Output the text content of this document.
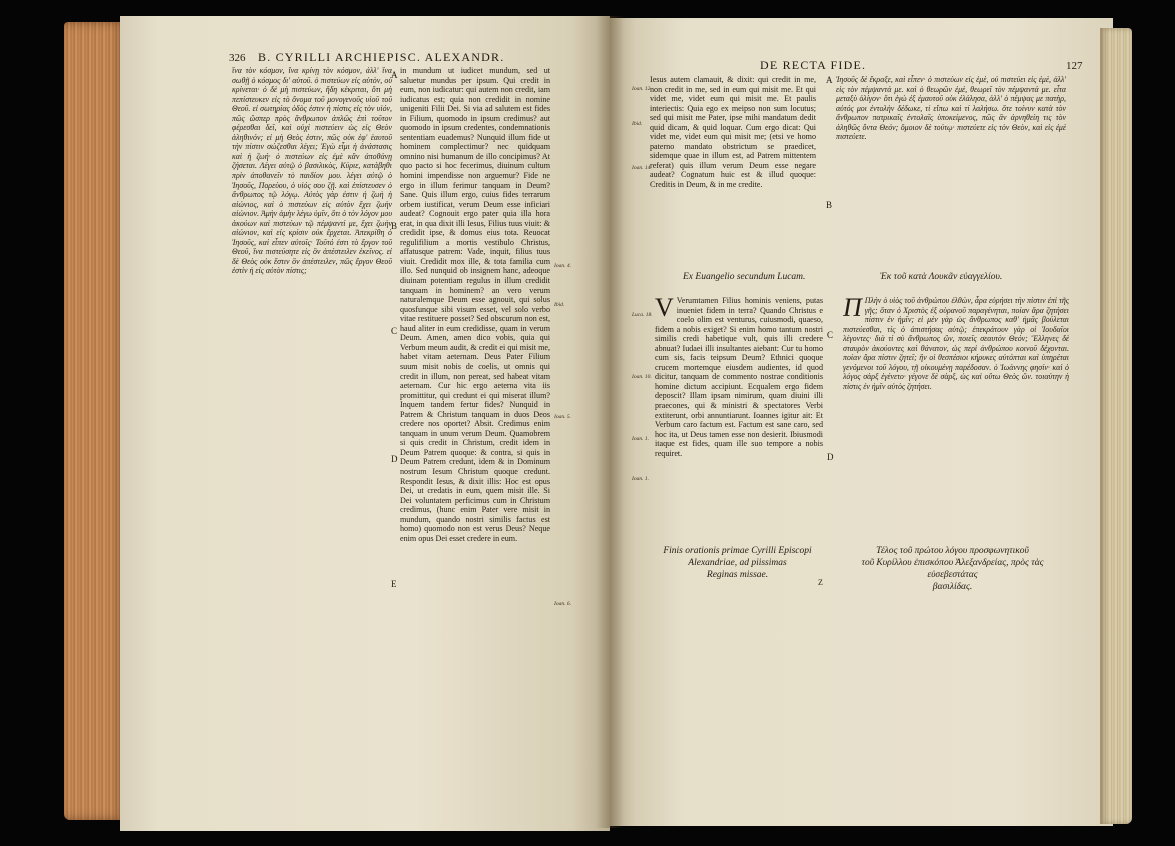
326 B. CYRILLI ARCHIEPISC. ALEXANDR.
ἵνα τὸν κόσμον, ἵνα κρίνῃ τὸν κόσμον, ἀλλ' ἵνα σωθῇ ὁ κόσμος δι' αὐτοῦ. ὁ πιστεύων εἰς αὐτὸν, οὐ κρίνεται· ὁ δὲ μὴ πιστεύων, ἤδη κέκριται, ὅτι μὴ πεπίστευκεν εἰς τὸ ὄνομα τοῦ μονογενοῦς υἱοῦ τοῦ Θεοῦ. εἰ σωτηρίας ὁδὸς ἐστιν ἡ πίστις εἰς τὸν υἱόν, πῶς ὥσπερ πρὸς ἄνθρωπον ἁπλῶς ἐπὶ τοῦτον φέρεσθαι δεῖ, καὶ οὐχὶ πιστεύειν ὡς εἰς Θεὸν ἀληθινόν; εἰ μὴ Θεὸς ἐστιν, πῶς οὐκ ἐφ' ἑαυτοῦ τὴν πίστιν σώζεσθαι λέγει; Ἐγὼ εἶμι ἡ ἀνάστασις καὶ ἡ ζωή· ὁ πιστεύων εἰς ἐμὲ κἂν ἀποθάνῃ ζήσεται. Λέγει αὐτῷ ὁ βασιλικὸς, Κύριε, κατάβηθι πρὶν ἀποθανεῖν τὸ παιδίον μου. λέγει αὐτῷ ὁ Ἰησοῦς, Πορεύου, ὁ υἱός σου ζῇ. καὶ ἐπίστευσεν ὁ ἄνθρωπος τῷ λόγῳ. Αὐτὸς γὰρ ἐστιν ἡ ζωὴ ἡ αἰώνιος, καὶ ὁ πιστεύων εἰς αὐτὸν ἔχει ζωὴν αἰώνιον. Ἀμὴν ἀμὴν λέγω ὑμῖν, ὅτι ὁ τὸν λόγον μου ἀκούων καὶ πιστεύων τῷ πέμψαντί με, ἔχει ζωὴν αἰώνιον, καὶ εἰς κρίσιν οὐκ ἔρχεται. Ἀπεκρίθη ὁ Ἰησοῦς, καὶ εἶπεν αὐτοῖς· Τοῦτό ἐστι τὸ ἔργον τοῦ Θεοῦ, ἵνα πιστεύσητε εἰς ὃν ἀπέστειλεν ἐκεῖνος. εἰ δὲ Θεὸς οὐκ ἔστιν ὃν ἀπέστειλεν, πῶς ἔργον Θεοῦ ἐστὶν ἡ εἰς αὐτὸν πίστις;
in mundum ut iudicet mundum, sed ut saluetur mundus per ipsum. Qui credit in eum, non iudicatur: qui autem non credit, iam iudicatus est; quia non credidit in nomine unigeniti Filii Dei. Si via ad salutem est fides in Filium, quomodo in ipsum credimus? aut quomodo in ipsum credentes, condemnationis sententiam euademus? Nunquid illum fide ut hominem complectimur? nec quidquam omnino nisi humanum de illo concipimus? At quo pacto si hoc fecerimus, diuinum cultum homini impendisse non arguemur? Fide ne ergo in illum ferimur tanquam in Deum? Sane. Quis illum ergo, cuius fides terrarum orbem iustificat, verum Deum esse inficiari audeat? Cognouit ergo pater quia illa hora erat, in qua dixit illi Iesus, Filius tuus viuit: & credidit ipse, & domus eius tota. Reuocat regulifilium a mortis vestibulo Christus, affatusque patrem: Vade, inquit, filius tuus viuit. Credidit mox ille, & tota familia cum illo. Sed nunquid ob insignem hanc, adeoque diuinam potentiam regulus in illum credidit tanquam in hominem? an vero verum naturalemque Deum esse agnouit, qui solus quosfunque sibi visum esset, vel solo verbo vitae restituere posset? Sed obscurum non est, haud aliter in eum credidisse, quam in verum Deum. Amen, amen dico vobis, quia qui Verbum meum audit, & credit ei qui misit me, habet vitam aeternam. Deus Pater Filium suum misit nobis de coelis, ut omnis qui credit in illum, non pereat, sed habeat vitam aeternam. Cur hic ergo aeterna vita iis promittitur, qui credunt ei qui miserat illum? Inquem tandem fertur fides? Nunquid in Patrem & Christum tanquam in duos Deos credere nos oportet? Absit. Credimus enim tanquam in unum verum Deum. Quamobrem si quis credit in Christum, credit idem in Deum Patrem quoque: & contra, si quis in Deum Patrem credunt, idem & in Dominum nostrum Iesum Christum quoque credunt. Respondit Iesus, & dixit illis: Hoc est opus Dei, ut credatis in eum, quem misit ille. Si Dei voluntatem perficimus cum in Christum credimus, (hunc enim Pater vere misit in mundum, quando nostri similis factus est homo) quomodo non est verus Deus? Neque enim opus Dei esset credere in eum.
A
B
C
D
E
Ioan. 4.
Ibid.
Ioan. 5.
Ioan. 6.
DE RECTA FIDE.	127
Iesus autem clamauit, & dixit: qui credit in me, non credit in me, sed in eum qui misit me. Et qui videt me, videt eum qui misit me. Et paulis interiectis: Quia ego ex meipso non sum locutus; sed qui misit me Pater, ipse mihi mandatum dedit quid dicam, & quid loquar. Cum ergo dicat: Qui videt me, videt eum qui misit me; (etsi ve homo paterno mandato obstrictum se praedicet, sidemque quae in illum est, ad Patrem mittentem referat) quis illum verum Deum esse negare audeat? Cognatum huic est & illud quoque: Creditis in Deum, & in me credite.
Ἰησοῦς δὲ ἔκραξε, καὶ εἶπεν· ὁ πιστεύων εἰς ἐμὲ, οὐ πιστεύει εἰς ἐμὲ, ἀλλ' εἰς τὸν πέμψαντά με. καὶ ὁ θεωρῶν ἐμὲ, θεωρεῖ τὸν πέμψαντά με. εἶτα μεταξὺ ὀλίγον· ὅτι ἐγὼ ἐξ ἐμαυτοῦ οὐκ ἐλάλησα, ἀλλ' ὁ πέμψας με πατὴρ, αὐτός μοι ἐντολὴν δέδωκε, τί εἴπω καὶ τί λαλήσω. ὅτε τοίνυν κατὰ τὸν ἄνθρωπον πατρικαῖς ἐντολαῖς ὑποκείμενος, πῶς ἂν ἀρνηθείη τις τὸν ἀληθῶς ὄντα Θεόν; ὅμοιον δὲ τούτῳ· πιστεύετε εἰς τὸν Θεὸν, καὶ εἰς ἐμὲ πιστεύετε.
A
B
C
D
Ioan. 12.
Ibid.
Ioan. 14.
Luca. 18.
Ioan. 10.
Ioan. 1.
Ioan. 1.
Ex Euangelio secundum Lucam.	Ἐκ τοῦ κατὰ Λουκᾶν εὐαγγελίου.
V Verumtamen Filius hominis veniens, putas inueniet fidem in terra? Quando Christus e coelo olim est venturus, cuiusmodi, quaeso, fidem a nobis exiget? Si enim homo tantum nostri similis credi habetique vult, quis illi credere abnuat? Iudaei illi insultantes aiebant: Cur tu homo cum sis, facis teipsum Deum? Ethnici quoque crucem mortemque eiusdem audientes, id quod dicitur, tanquam de commento nostrae conditionis homine dictum accipiunt. Ecqualem ergo fidem deposcit? Illam ipsam nimirum, quam diuini illi praecones, qui & ministri & spectatores Verbi extiterunt, orbi annuntiarunt. Ioannes igitur ait: Et Verbum caro factum est. Factum est sane caro, sed hoc ita, ut Deus tamen esse non desierit. Ibiusmodi itaque est fides, quam ille suo tempore a nobis requiret.
Π Πλὴν ὁ υἱὸς τοῦ ἀνθρώπου ἐλθὼν, ἆρα εὑρήσει τὴν πίστιν ἐπὶ τῆς γῆς; ὅταν ὁ Χριστὸς ἐξ οὐρανοῦ παραγένηται, ποίαν ἄρα ζητήσει πίστιν ἐν ἡμῖν; εἰ μὲν γὰρ ὡς ἄνθρωπος καθ' ἡμᾶς βούλεται πιστεύεσθαι, τίς ὁ ἀπιστήσας αὐτῷ; ἐπεκράτουν γὰρ οἱ Ἰουδαῖοι λέγοντες· διὰ τί σὺ ἄνθρωπος ὢν, ποιεῖς σεαυτὸν Θεόν; Ἕλληνες δὲ σταυρὸν ἀκούοντες καὶ θάνατον, ὡς περὶ ἀνθρώπου κοινοῦ δέχονται. ποίαν ἄρα πίστιν ζητεῖ; ἣν οἱ θεσπέσιοι κήρυκες αὐτόπται καὶ ὑπηρέται γενόμενοι τοῦ λόγου, τῇ οἰκουμένῃ παρέδοσαν. ὁ Ἰωάννης φησίν· καὶ ὁ λόγος σὰρξ ἐγένετο· γέγονε δὲ σὰρξ, ὡς καὶ οὕτω Θεὸς ὤν. τοιαύτην ἡ πίστις ἐν ἡμῖν αὐτὸς ζητήσει.
Finis orationis primae Cyrilli Episcopi
Alexandriae, ad piissimas
Reginas missae.
Τέλος τοῦ πρώτου λόγου προσφωνητικοῦ
τοῦ Κυρίλλου ἐπισκόπου Ἀλεξανδρείας, πρὸς τὰς εὐσεβεστάτας
βασιλίδας.
Z
